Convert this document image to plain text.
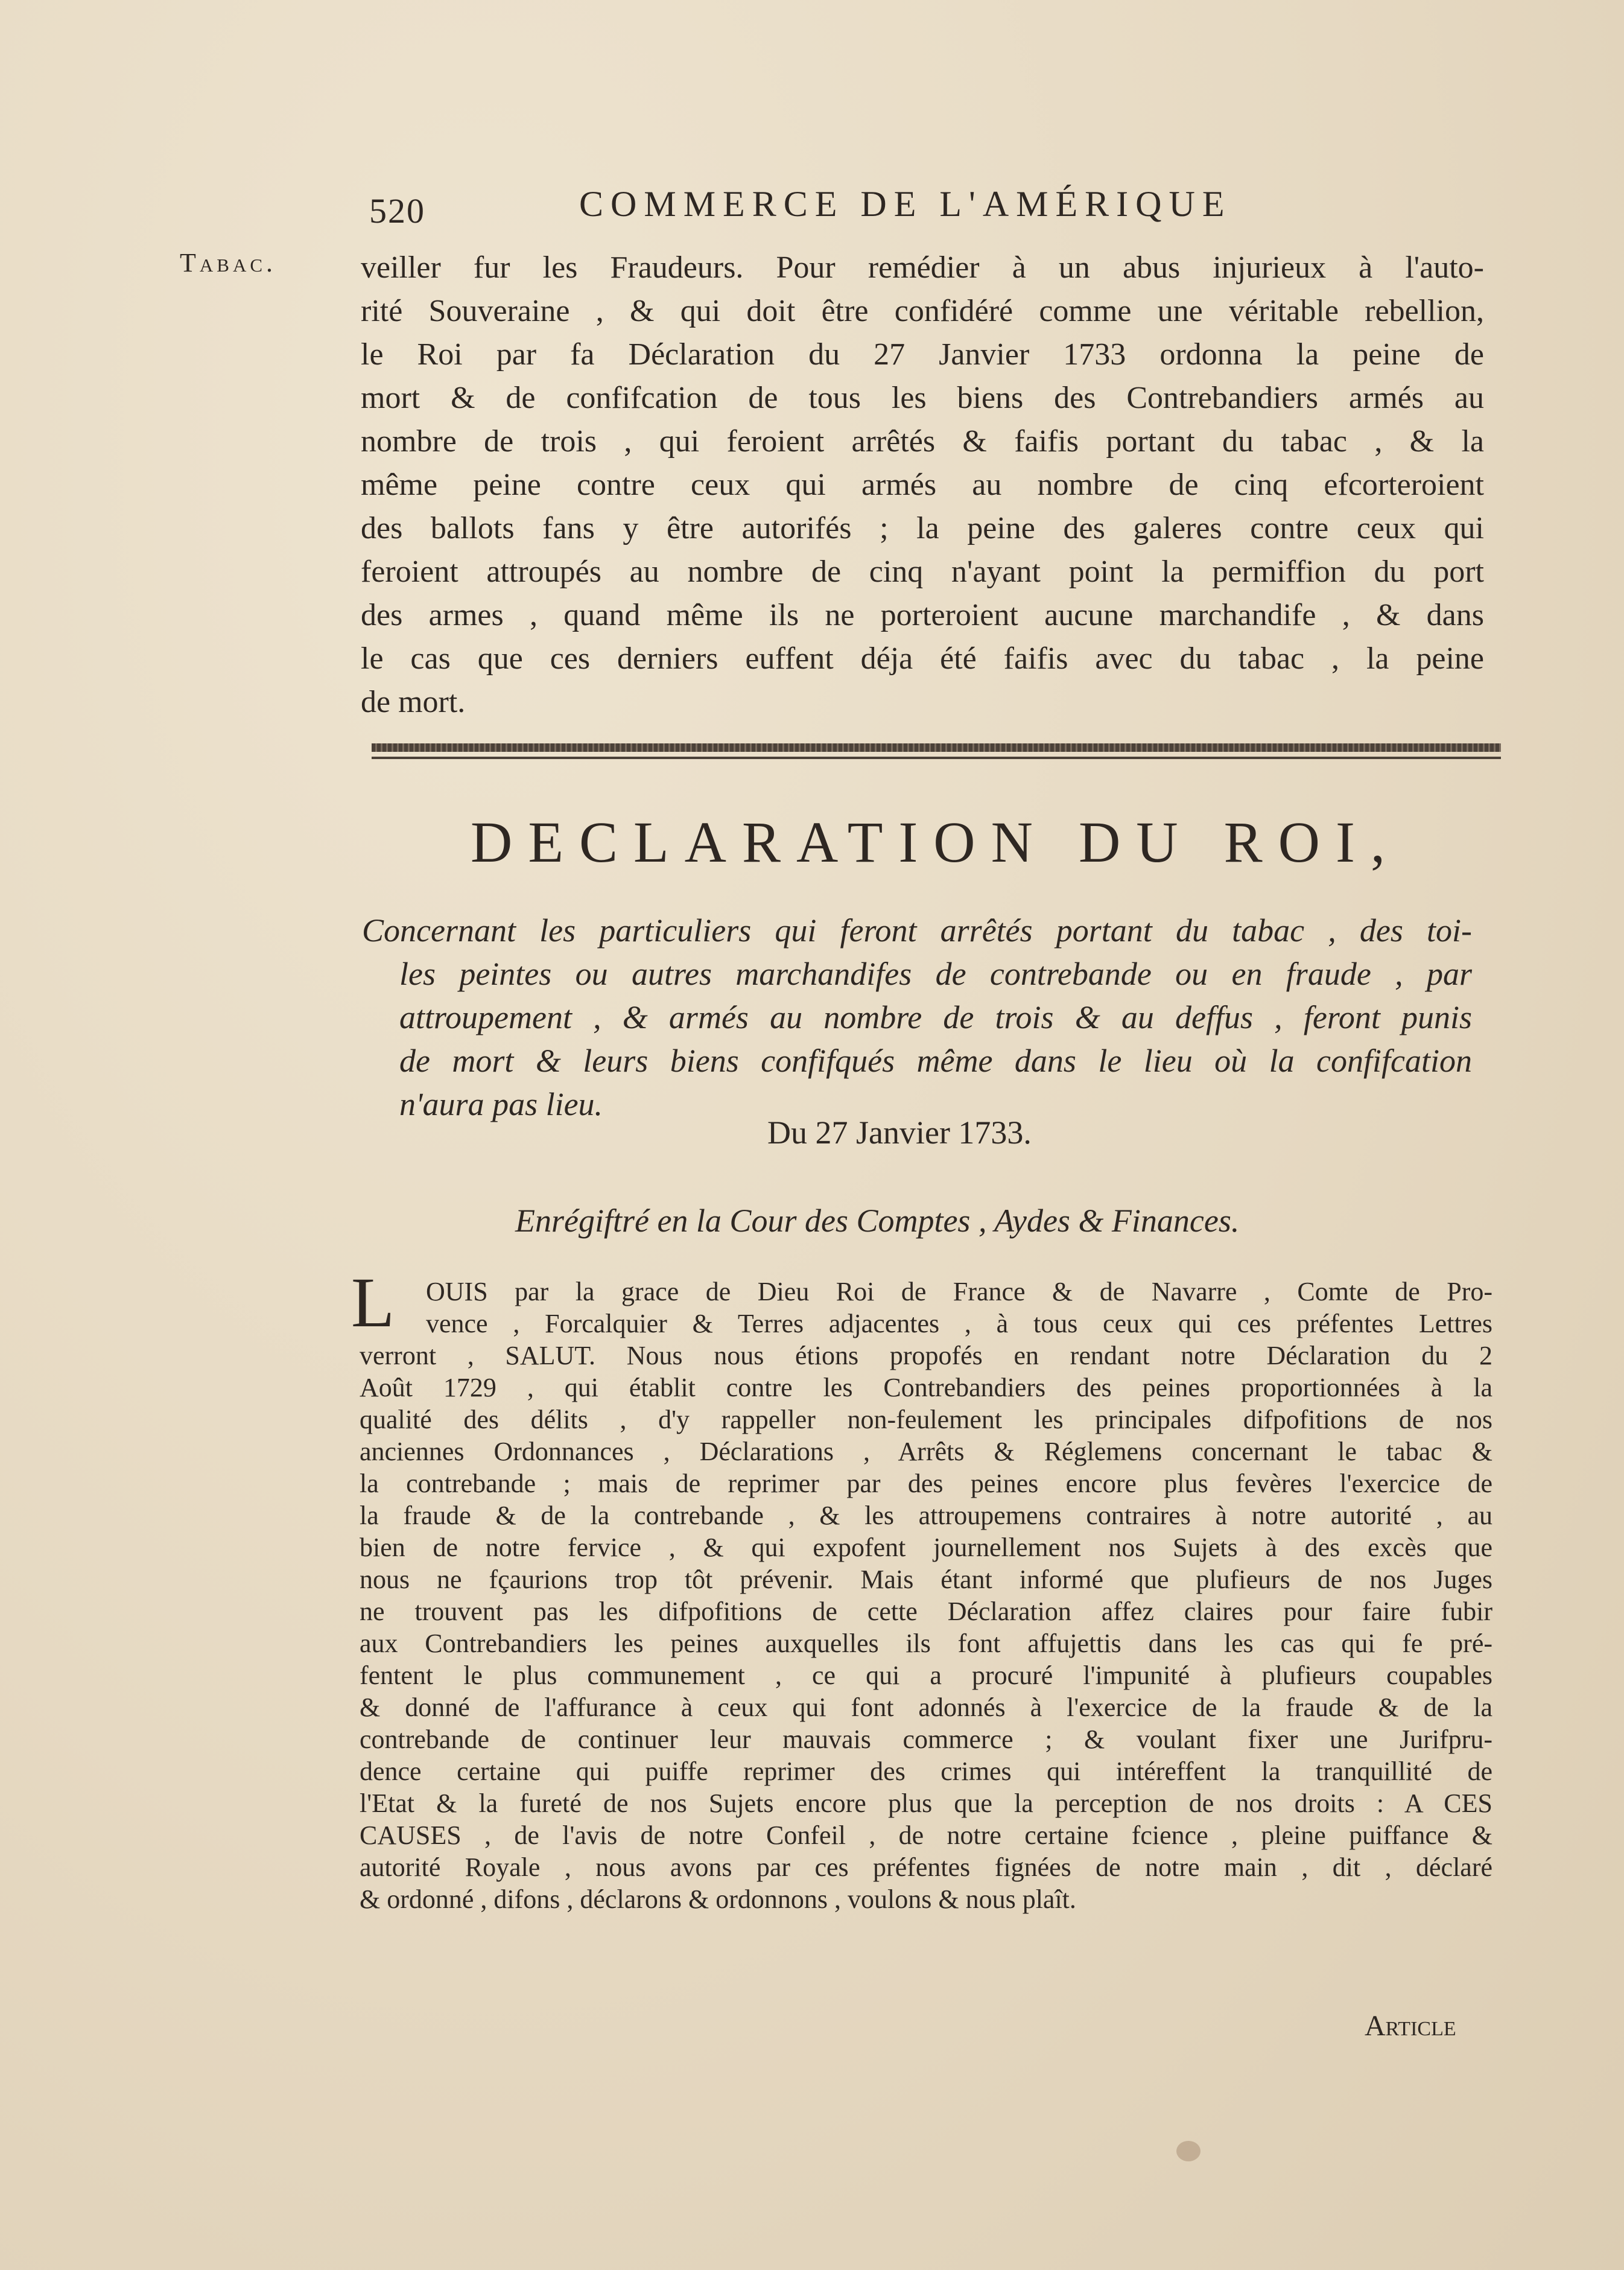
520	COMMERCE DE L'AMÉRIQUE
Tabac.	veiller fur les Fraudeurs. Pour remédier à un abus injurieux à l'auto-
rité Souveraine , & qui doit être confidéré comme une véritable rebellion,
le Roi par fa Déclaration du 27 Janvier 1733 ordonna la peine de
mort & de confifcation de tous les biens des Contrebandiers armés au
nombre de trois , qui feroient arrêtés & faifis portant du tabac , & la
même peine contre ceux qui armés au nombre de cinq efcorteroient
des ballots fans y être autorifés ; la peine des galeres contre ceux qui
feroient attroupés au nombre de cinq n'ayant point la permiffion du port
des armes , quand même ils ne porteroient aucune marchandife , & dans
le cas que ces derniers euffent déja été faifis avec du tabac , la peine
de mort.
DECLARATION DU ROI,
Concernant les particuliers qui feront arrêtés portant du tabac , des toi-
les peintes ou autres marchandifes de contrebande ou en fraude , par
attroupement , & armés au nombre de trois & au deffus , feront punis
de mort & leurs biens confifqués même dans le lieu où la confifcation
n'aura pas lieu.
Du 27 Janvier 1733.
Enrégiftré en la Cour des Comptes , Aydes & Finances.
L	OUIS par la grace de Dieu Roi de France & de Navarre , Comte de Pro-
vence , Forcalquier & Terres adjacentes , à tous ceux qui ces préfentes Lettres
verront , SALUT. Nous nous étions propofés en rendant notre Déclaration du 2
Août 1729 , qui établit contre les Contrebandiers des peines proportionnées à la
qualité des délits , d'y rappeller non-feulement les principales difpofitions de nos
anciennes Ordonnances , Déclarations , Arrêts & Réglemens concernant le tabac &
la contrebande ; mais de reprimer par des peines encore plus fevères l'exercice de
la fraude & de la contrebande , & les attroupemens contraires à notre autorité , au
bien de notre fervice , & qui expofent journellement nos Sujets à des excès que
nous ne fçaurions trop tôt prévenir. Mais étant informé que plufieurs de nos Juges
ne trouvent pas les difpofitions de cette Déclaration affez claires pour faire fubir
aux Contrebandiers les peines auxquelles ils font affujettis dans les cas qui fe pré-
fentent le plus communement , ce qui a procuré l'impunité à plufieurs coupables
& donné de l'affurance à ceux qui font adonnés à l'exercice de la fraude & de la
contrebande de continuer leur mauvais commerce ; & voulant fixer une Jurifpru-
dence certaine qui puiffe reprimer des crimes qui intéreffent la tranquillité de
l'Etat & la fureté de nos Sujets encore plus que la perception de nos droits : A CES
CAUSES , de l'avis de notre Confeil , de notre certaine fcience , pleine puiffance &
autorité Royale , nous avons par ces préfentes fignées de notre main , dit , déclaré
& ordonné , difons , déclarons & ordonnons , voulons & nous plaît.
Article
